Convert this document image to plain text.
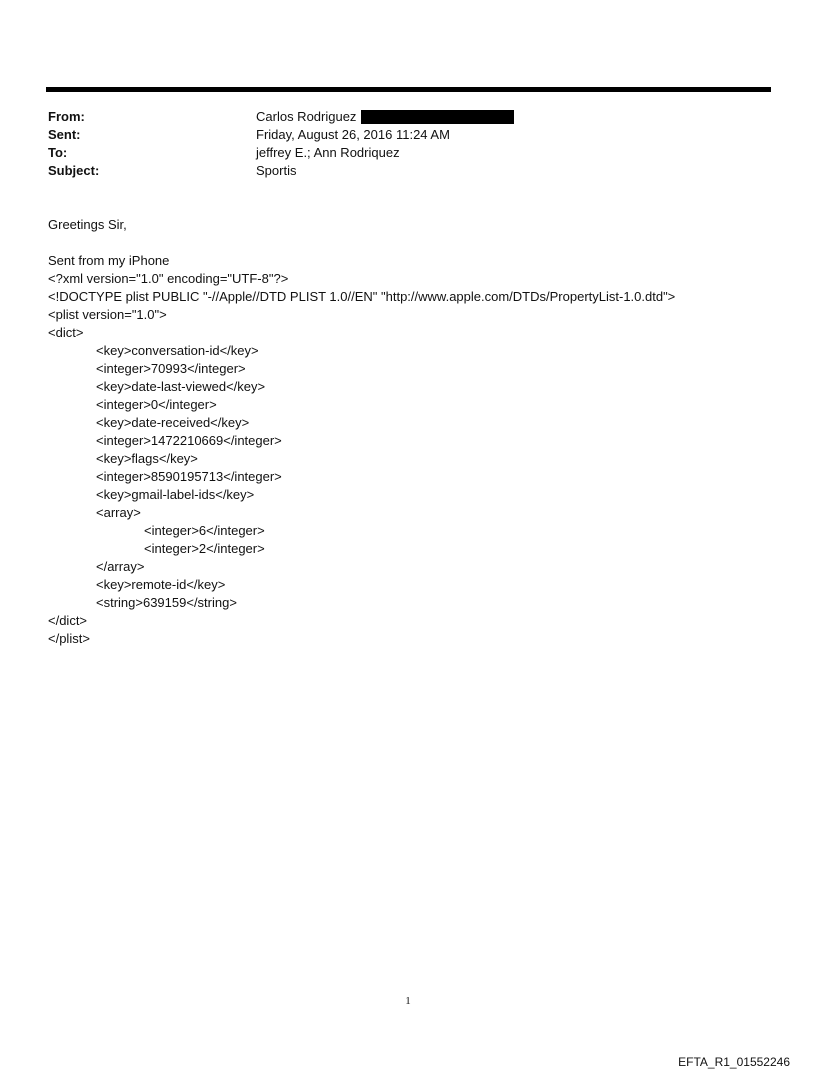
From:	Carlos Rodriguez
Sent:	Friday, August 26, 2016 11:24 AM
To:	jeffrey E.; Ann Rodriquez
Subject:	Sportis
Greetings Sir,
Sent from my iPhone
<?xml version="1.0" encoding="UTF-8"?>
<!DOCTYPE plist PUBLIC "-//Apple//DTD PLIST 1.0//EN" "http://www.apple.com/DTDs/PropertyList-1.0.dtd">
<plist version="1.0">
<dict>
<key>conversation-id</key>
<integer>70993</integer>
<key>date-last-viewed</key>
<integer>0</integer>
<key>date-received</key>
<integer>1472210669</integer>
<key>flags</key>
<integer>8590195713</integer>
<key>gmail-label-ids</key>
<array>
<integer>6</integer>
<integer>2</integer>
</array>
<key>remote-id</key>
<string>639159</string>
</dict>
</plist>
1
EFTA_R1_01552246
